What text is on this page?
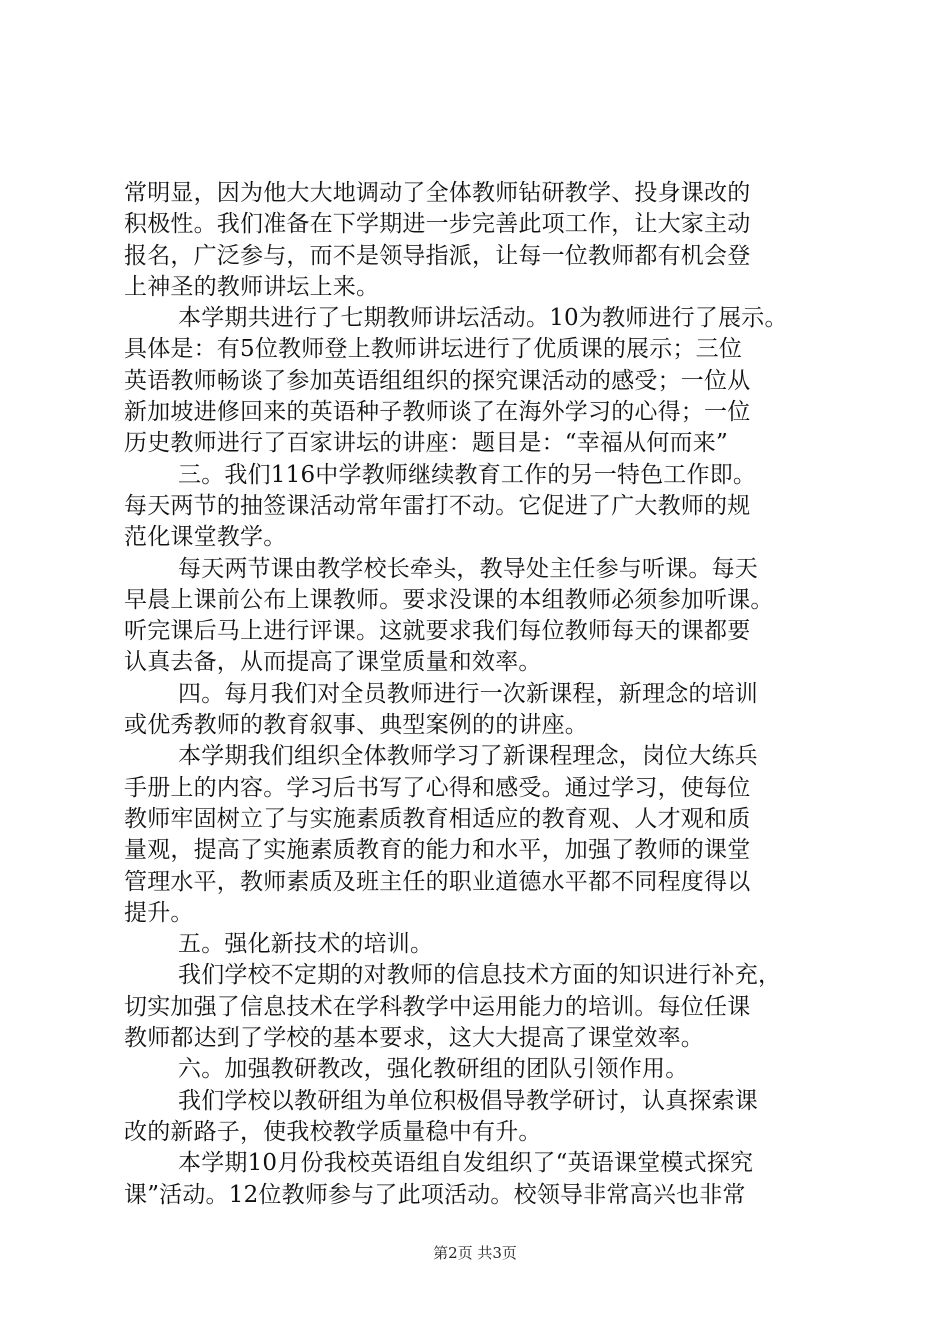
常明显，因为他大大地调动了全体教师钻研教学、投身课改的
积极性。我们准备在下学期进一步完善此项工作，让大家主动
报名，广泛参与，而不是领导指派，让每一位教师都有机会登
上神圣的教师讲坛上来。
本学期共进行了七期教师讲坛活动。10为教师进行了展示。
具体是：有5位教师登上教师讲坛进行了优质课的展示；三位
英语教师畅谈了参加英语组组织的探究课活动的感受；一位从
新加坡进修回来的英语种子教师谈了在海外学习的心得；一位
历史教师进行了百家讲坛的讲座：题目是：“幸福从何而来”
三。我们116中学教师继续教育工作的另一特色工作即。
每天两节的抽签课活动常年雷打不动。它促进了广大教师的规
范化课堂教学。
每天两节课由教学校长牵头，教导处主任参与听课。每天
早晨上课前公布上课教师。要求没课的本组教师必须参加听课。
听完课后马上进行评课。这就要求我们每位教师每天的课都要
认真去备，从而提高了课堂质量和效率。
四。每月我们对全员教师进行一次新课程，新理念的培训
或优秀教师的教育叙事、典型案例的的讲座。
本学期我们组织全体教师学习了新课程理念，岗位大练兵
手册上的内容。学习后书写了心得和感受。通过学习，使每位
教师牢固树立了与实施素质教育相适应的教育观、人才观和质
量观，提高了实施素质教育的能力和水平，加强了教师的课堂
管理水平，教师素质及班主任的职业道德水平都不同程度得以
提升。
五。强化新技术的培训。
我们学校不定期的对教师的信息技术方面的知识进行补充，
切实加强了信息技术在学科教学中运用能力的培训。每位任课
教师都达到了学校的基本要求，这大大提高了课堂效率。
六。加强教研教改，强化教研组的团队引领作用。
我们学校以教研组为单位积极倡导教学研讨，认真探索课
改的新路子，使我校教学质量稳中有升。
本学期10月份我校英语组自发组织了“英语课堂模式探究
课”活动。12位教师参与了此项活动。校领导非常高兴也非常
第2页 共3页
